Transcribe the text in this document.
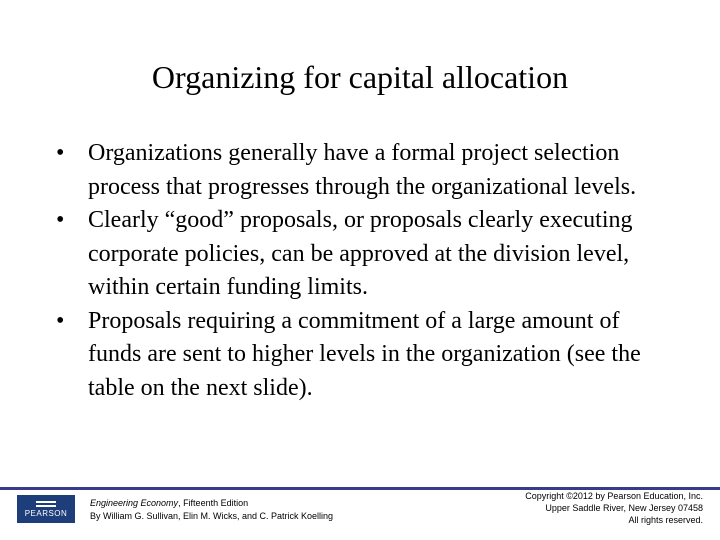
Organizing for capital allocation
• Organizations generally have a formal project selection process that progresses through the organizational levels.
• Clearly “good” proposals, or proposals clearly executing corporate policies, can be approved at the division level, within certain funding limits.
• Proposals requiring a commitment of a large amount of funds are sent to higher levels in the organization (see the table on the next slide).
PEARSON
Engineering Economy, Fifteenth Edition
By William G. Sullivan, Elin M. Wicks, and C. Patrick Koelling
Copyright ©2012 by Pearson Education, Inc.
Upper Saddle River, New Jersey 07458
All rights reserved.
